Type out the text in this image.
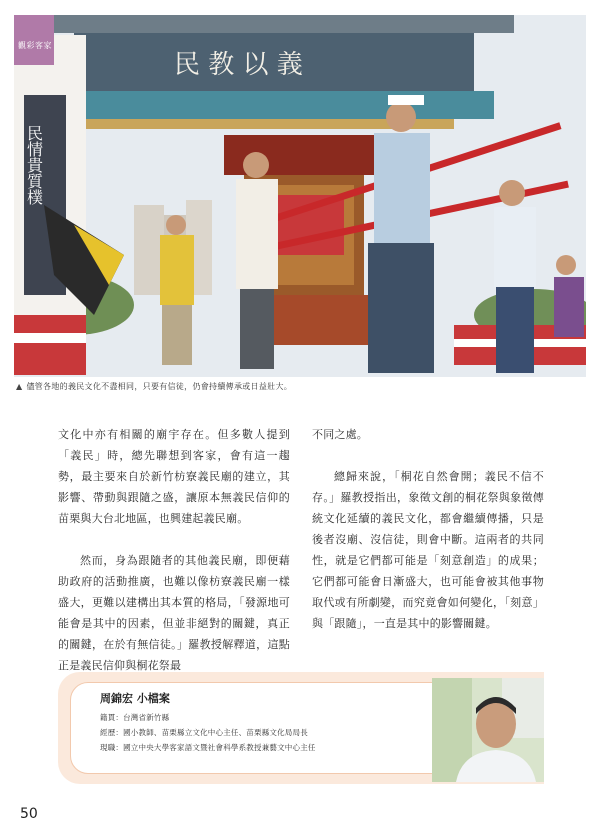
民 教 以 義
民情貴質樸
觀彩客家
▲ 儘管各地的義民文化不盡相同，只要有信徒，仍會持續傳承或日益壯大。

文化中亦有相關的廟宇存在。但多數人提到「義民」時，總先聯想到客家，會有這一趨勢，最主要來自於新竹枋寮義民廟的建立，其影響、帶動與跟隨之盛，讓原本無義民信仰的苗栗與大台北地區，也興建起義民廟。

然而，身為跟隨者的其他義民廟，即便藉助政府的活動推廣，也難以像枋寮義民廟一樣盛大，更難以建構出其本質的格局，「發源地可能會是其中的因素，但並非絕對的關鍵，真正的關鍵，在於有無信徒。」羅教授解釋道，這點正是義民信仰與桐花祭最

不同之處。

總歸來說，「桐花自然會開；義民不信不存。」羅教授指出，象徵文創的桐花祭與象徵傳統文化延續的義民文化，都會繼續傳播，只是後者沒廟、沒信徒，則會中斷。這兩者的共同性，就是它們都可能是「刻意創造」的成果；它們都可能會日漸盛大，也可能會被其他事物取代或有所劇變，而究竟會如何變化，「刻意」與「跟隨」，一直是其中的影響關鍵。

周錦宏 小檔案
籍貫：台灣省新竹縣
經歷：國小教師、苗栗縣立文化中心主任、苗栗縣文化局局長
現職：國立中央大學客家語文暨社會科學系教授兼藝文中心主任
50
